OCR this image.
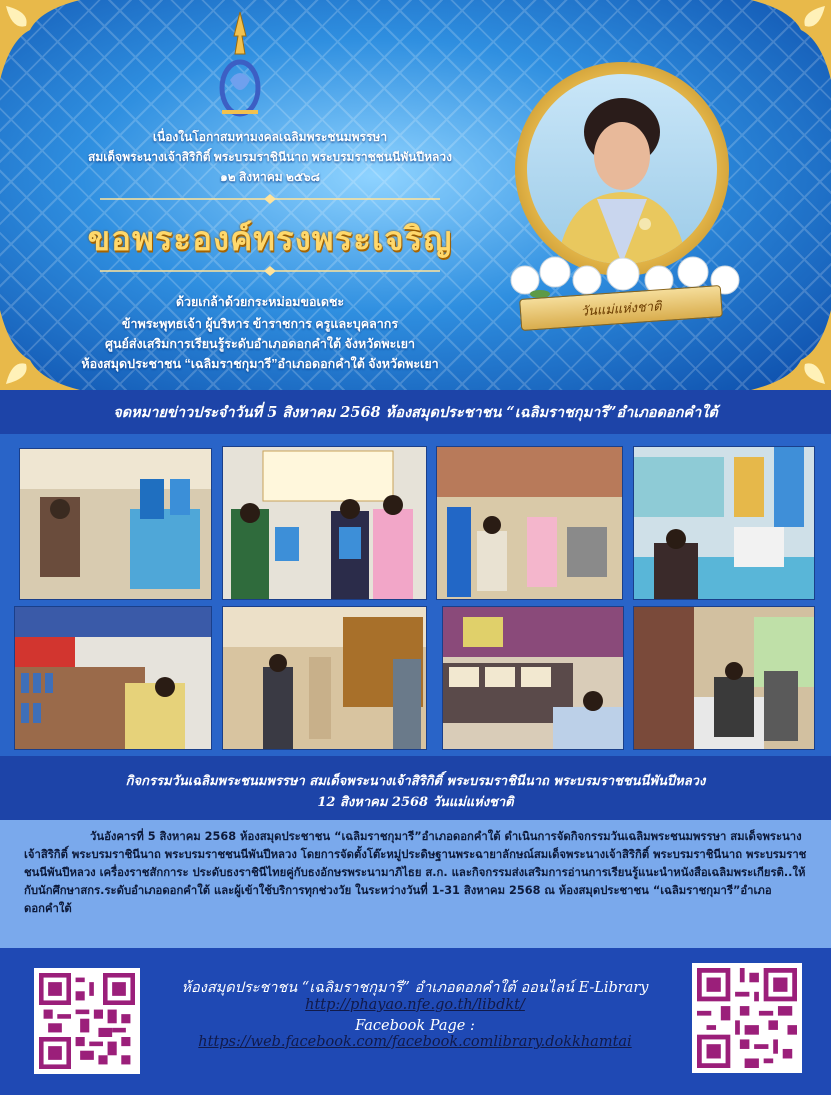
เนื่องในโอกาสมหามงคลเฉลิมพระชนมพรรษา
สมเด็จพระนางเจ้าสิริกิติ์ พระบรมราชินีนาถ พระบรมราชชนนีพันปีหลวง
๑๒ สิงหาคม ๒๕๖๘
ขอพระองค์ทรงพระเจริญ
ด้วยเกล้าด้วยกระหม่อมขอเดชะ
ข้าพระพุทธเจ้า ผู้บริหาร ข้าราชการ ครูและบุคลากร
ศูนย์ส่งเสริมการเรียนรู้ระดับอำเภอดอกคำใต้ จังหวัดพะเยา
ห้องสมุดประชาชน “เฉลิมราชกุมารี”อำเภอดอกคำใต้ จังหวัดพะเยา
วันแม่แห่งชาติ
จดหมายข่าวประจำวันที่ 5 สิงหาคม 2568 ห้องสมุดประชาชน “เฉลิมราชกุมารี”อำเภอดอกคำใต้
กิจกรรมวันเฉลิมพระชนมพรรษา สมเด็จพระนางเจ้าสิริกิติ์ พระบรมราชินีนาถ พระบรมราชชนนีพันปีหลวง
12 สิงหาคม 2568 วันแม่แห่งชาติ

วันอังคารที่ 5 สิงหาคม 2568 ห้องสมุดประชาชน “เฉลิมราชกุมารี”อำเภอดอกคำใต้ ดำเนินการจัดกิจกรรมวันเฉลิมพระชนมพรรษา สมเด็จพระนางเจ้าสิริกิติ์ พระบรมราชินีนาถ พระบรมราชชนนีพันปีหลวง โดยการจัดตั้งโต๊ะหมู่ประดิษฐานพระฉายาลักษณ์สมเด็จพระนางเจ้าสิริกิติ์ พระบรมราชินีนาถ พระบรมราชชนนีพันปีหลวง เครื่องราชสักการะ ประดับธงราชินีไทยคู่กับธงอักษรพระนามาภิไธย ส.ก. และกิจกรรมส่งเสริมการอ่านการเรียนรู้แนะนำหนังสือเฉลิมพระเกียรติ..ให้กับนักศึกษาสกร.ระดับอำเภอดอกคำใต้ และผู้เข้าใช้บริการทุกช่วงวัย ในระหว่างวันที่ 1-31 สิงหาคม 2568 ณ ห้องสมุดประชาชน “เฉลิมราชกุมารี”อำเภอดอกคำใต้

ห้องสมุดประชาชน “เฉลิมราชกุมารี” อำเภอดอกคำใต้ ออนไลน์ E-Library
http://phayao.nfe.go.th/libdkt/
Facebook Page : https://web.facebook.com/facebook.comlibrary.dokkhamtai
